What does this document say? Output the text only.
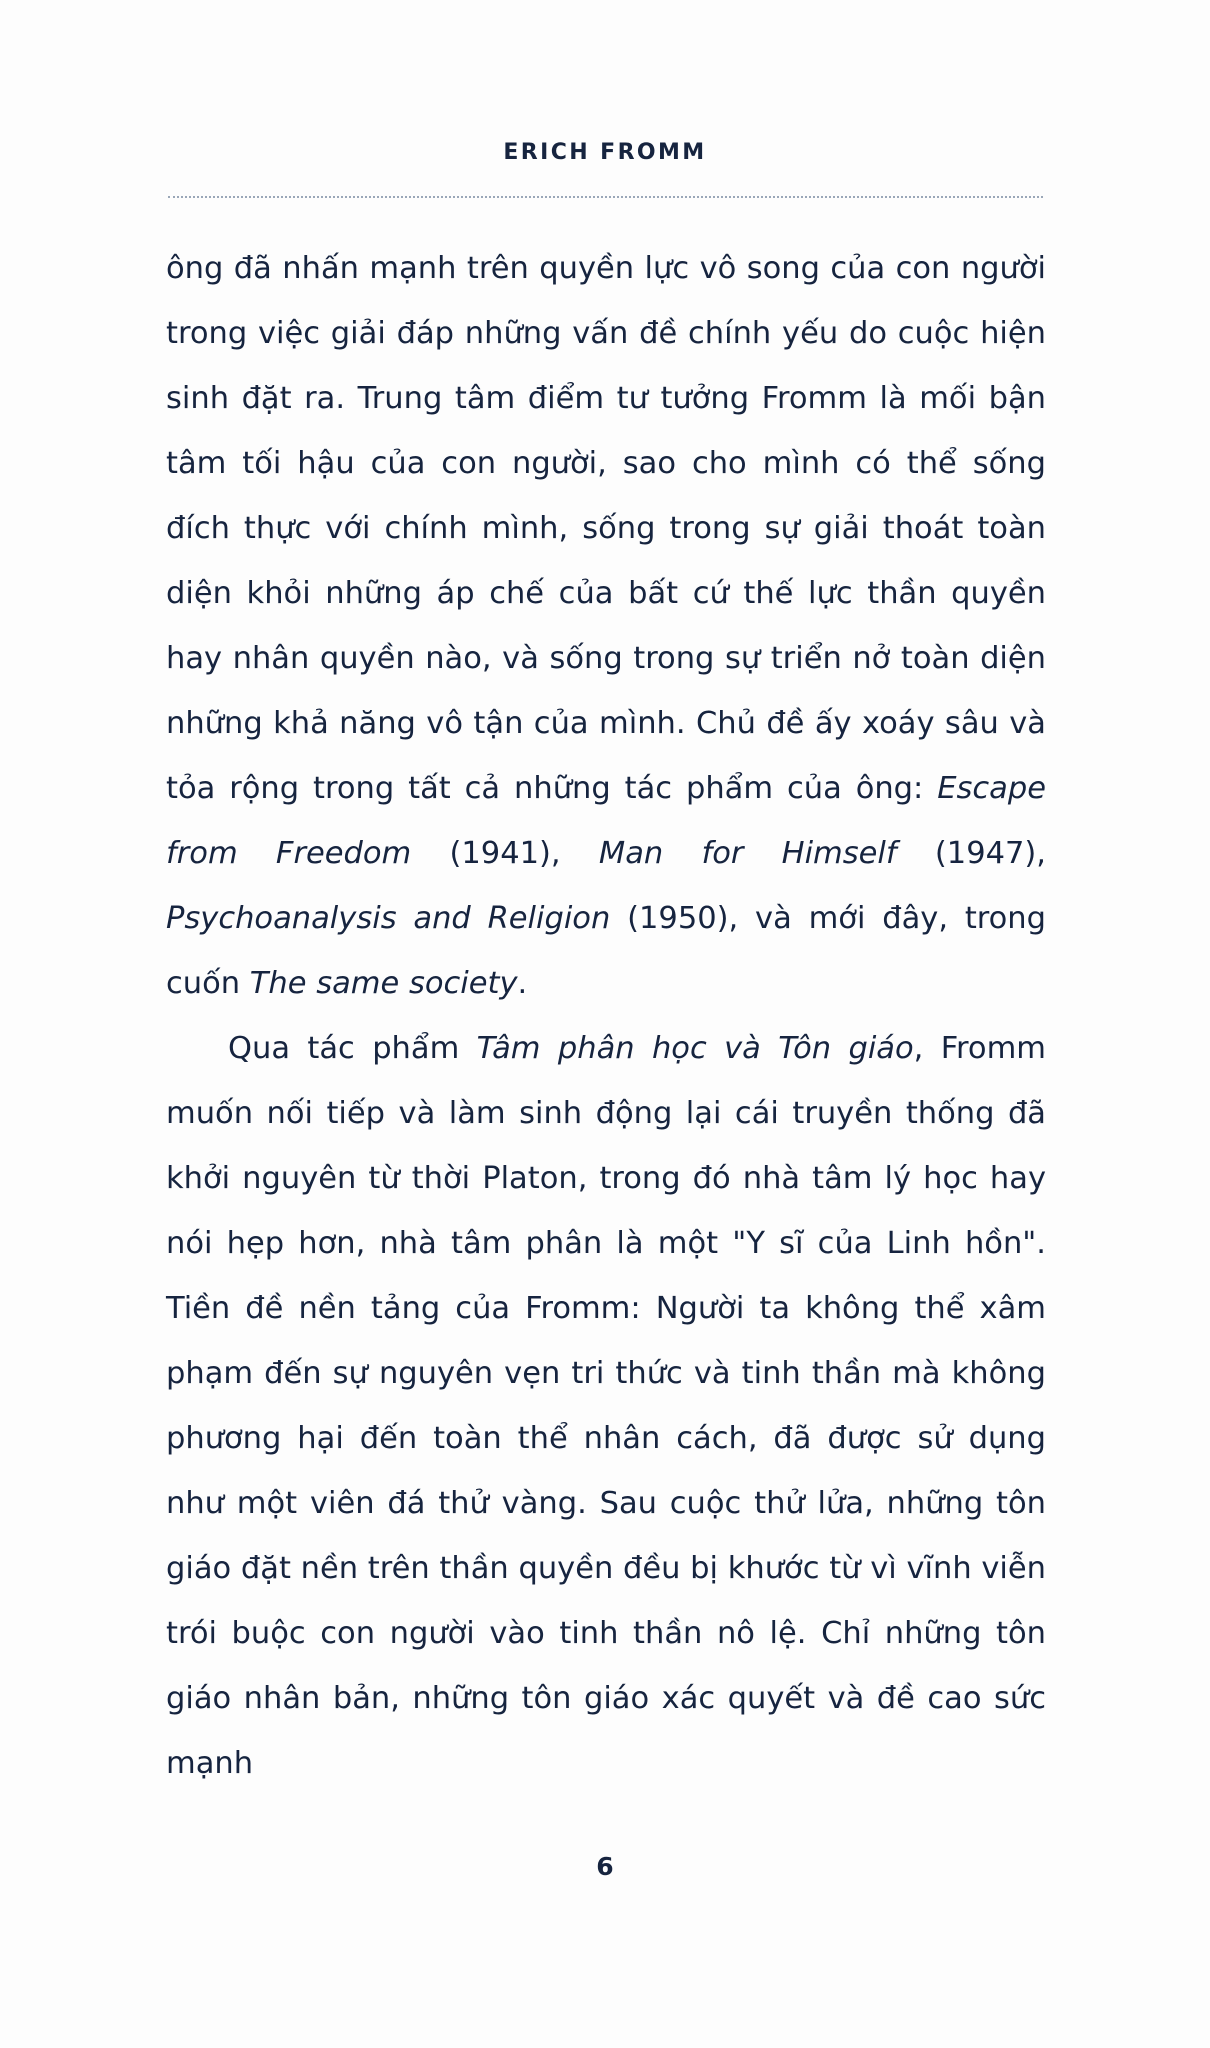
ERICH FROMM

ông đã nhấn mạnh trên quyền lực vô song của con người trong việc giải đáp những vấn đề chính yếu do cuộc hiện sinh đặt ra. Trung tâm điểm tư tưởng Fromm là mối bận tâm tối hậu của con người, sao cho mình có thể sống đích thực với chính mình, sống trong sự giải thoát toàn diện khỏi những áp chế của bất cứ thế lực thần quyền hay nhân quyền nào, và sống trong sự triển nở toàn diện những khả năng vô tận của mình. Chủ đề ấy xoáy sâu và tỏa rộng trong tất cả những tác phẩm của ông: Escape from Freedom (1941), Man for Himself (1947), Psychoanalysis and Religion (1950), và mới đây, trong cuốn The same society.

Qua tác phẩm Tâm phân học và Tôn giáo, Fromm muốn nối tiếp và làm sinh động lại cái truyền thống đã khởi nguyên từ thời Platon, trong đó nhà tâm lý học hay nói hẹp hơn, nhà tâm phân là một "Y sĩ của Linh hồn". Tiền đề nền tảng của Fromm: Người ta không thể xâm phạm đến sự nguyên vẹn tri thức và tinh thần mà không phương hại đến toàn thể nhân cách, đã được sử dụng như một viên đá thử vàng. Sau cuộc thử lửa, những tôn giáo đặt nền trên thần quyền đều bị khước từ vì vĩnh viễn trói buộc con người vào tinh thần nô lệ. Chỉ những tôn giáo nhân bản, những tôn giáo xác quyết và đề cao sức mạnh

6
